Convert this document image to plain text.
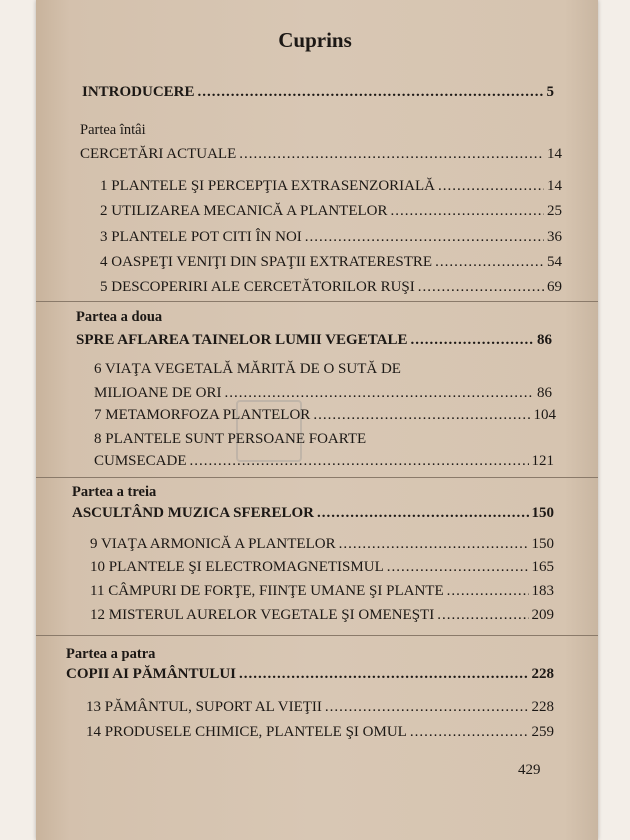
Cuprins
INTRODUCERE .....	5
Partea întâi
CERCETĂRI ACTUALE .....	14
1 PLANTELE ŞI PERCEPŢIA EXTRASENZORIALĂ .....	14
2 UTILIZAREA MECANICĂ A PLANTELOR .....	25
3 PLANTELE POT CITI ÎN NOI .....	36
4 OASPEŢI VENIŢI DIN SPAŢII EXTRATERESTRE .....	54
5 DESCOPERIRI ALE CERCETĂTORILOR RUŞI .....	69
Partea a doua
SPRE AFLAREA TAINELOR LUMII VEGETALE .....	86
6 VIAŢA VEGETALĂ MĂRITĂ DE O SUTĂ DE
MILIOANE DE ORI .....	86
7 METAMORFOZA PLANTELOR .....	104
8 PLANTELE SUNT PERSOANE FOARTE
CUMSECADE .....	121
Partea a treia
ASCULTÂND MUZICA SFERELOR .....	150
9 VIAŢA ARMONICĂ A PLANTELOR .....	150
10 PLANTELE ŞI ELECTROMAGNETISMUL .....	165
11 CÂMPURI DE FORŢE, FIINŢE UMANE ŞI PLANTE .....	183
12 MISTERUL AURELOR VEGETALE ŞI OMENEŞTI .....	209
Partea a patra
COPII AI PĂMÂNTULUI .....	228
13 PĂMÂNTUL, SUPORT AL VIEŢII .....	228
14 PRODUSELE CHIMICE, PLANTELE ŞI OMUL .....	259
429
